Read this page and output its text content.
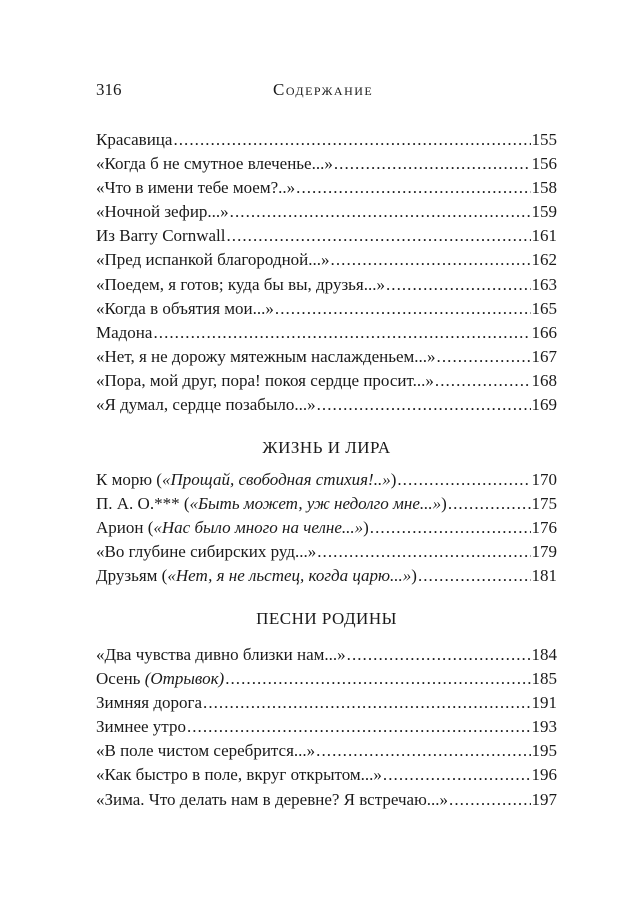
316	Содержание
Красавица . . .	155
«Когда б не смутное влеченье...» . . .	156
«Что в имени тебе моем?..» . . .	158
«Ночной зефир...» . . .	159
Из Barry Cornwall . . .	161
«Пред испанкой благородной...» . . .	162
«Поедем, я готов; куда бы вы, друзья...» . . .	163
«Когда в объятия мои...» . . .	165
Мадона . . .	166
«Нет, я не дорожу мятежным наслажденьем...» . . .	167
«Пора, мой друг, пора! покоя сердце просит...» . . .	168
«Я думал, сердце позабыло...» . . .	169
ЖИЗНЬ И ЛИРА
К морю («Прощай, свободная стихия!..») . . .	170
П. А. О.*** («Быть может, уж недолго мне...») . . .	175
Арион («Нас было много на челне...») . . .	176
«Во глубине сибирских руд...» . . .	179
Друзьям («Нет, я не льстец, когда царю...») . . .	181
ПЕСНИ РОДИНЫ
«Два чувства дивно близки нам...» . . .	184
Осень (Отрывок) . . .	185
Зимняя дорога . . .	191
Зимнее утро . . .	193
«В поле чистом серебрится...» . . .	195
«Как быстро в поле, вкруг открытом...» . . .	196
«Зима. Что делать нам в деревне? Я встречаю...» . . .	197
